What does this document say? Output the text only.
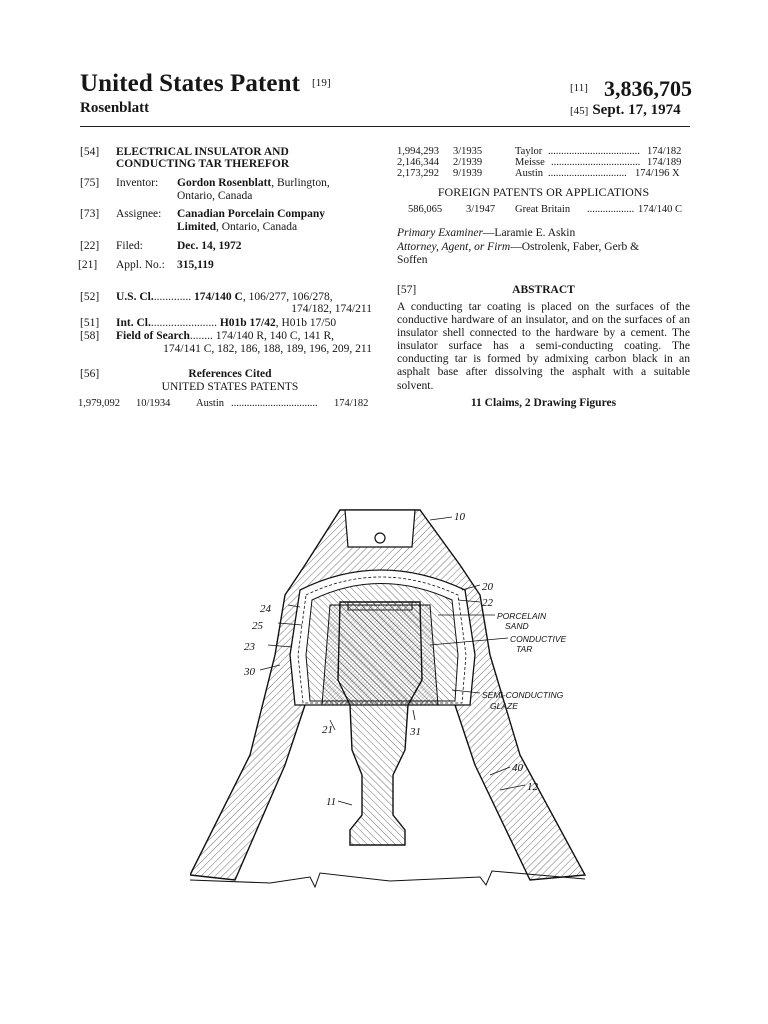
United States Patent [19]
Rosenblatt
[11] 3,836,705
[45] Sept. 17, 1974
[54] ELECTRICAL INSULATOR AND
CONDUCTING TAR THEREFOR
[75] Inventor: Gordon Rosenblatt, Burlington,
Ontario, Canada
[73] Assignee: Canadian Porcelain Company
Limited, Ontario, Canada
[22] Filed:	Dec. 14, 1972
[21] Appl. No.: 315,119
[52] U.S. Cl.............. 174/140 C, 106/277, 106/278,
174/182, 174/211
[51] Int. Cl........................ H01b 17/42, H01b 17/50
[58] Field of Search........ 174/140 R, 140 C, 141 R,
174/141 C, 182, 186, 188, 189, 196, 209, 211
[56]	References Cited
UNITED STATES PATENTS
1,979,092 10/1934 Austin ................................. 174/182
1,994,293 3/1935	Taylor ................................... 174/182
2,146,344 2/1939	Meisse .................................. 174/189
2,173,292 9/1939	Austin .............................. 174/196 X
FOREIGN PATENTS OR APPLICATIONS
586,065 3/1947 Great Britain .................. 174/140 C
Primary Examiner—Laramie E. Askin
Attorney, Agent, or Firm—Ostrolenk, Faber, Gerb &
Soffen
[57]	ABSTRACT
A conducting tar coating is placed on the surfaces of the conductive hardware of an insulator, and on the surfaces of an insulator shell connected to the hardware by a cement. The insulator surface has a semi-conducting coating. The conducting tar is formed by admixing carbon black in an asphalt base after dissolving the asphalt with a suitable solvent.
11 Claims, 2 Drawing Figures
10
20
22
24
25
23
30
21	31
40
12
11
PORCELAIN
SAND
CONDUCTIVE
TAR
SEMI-CONDUCTING
GLAZE
